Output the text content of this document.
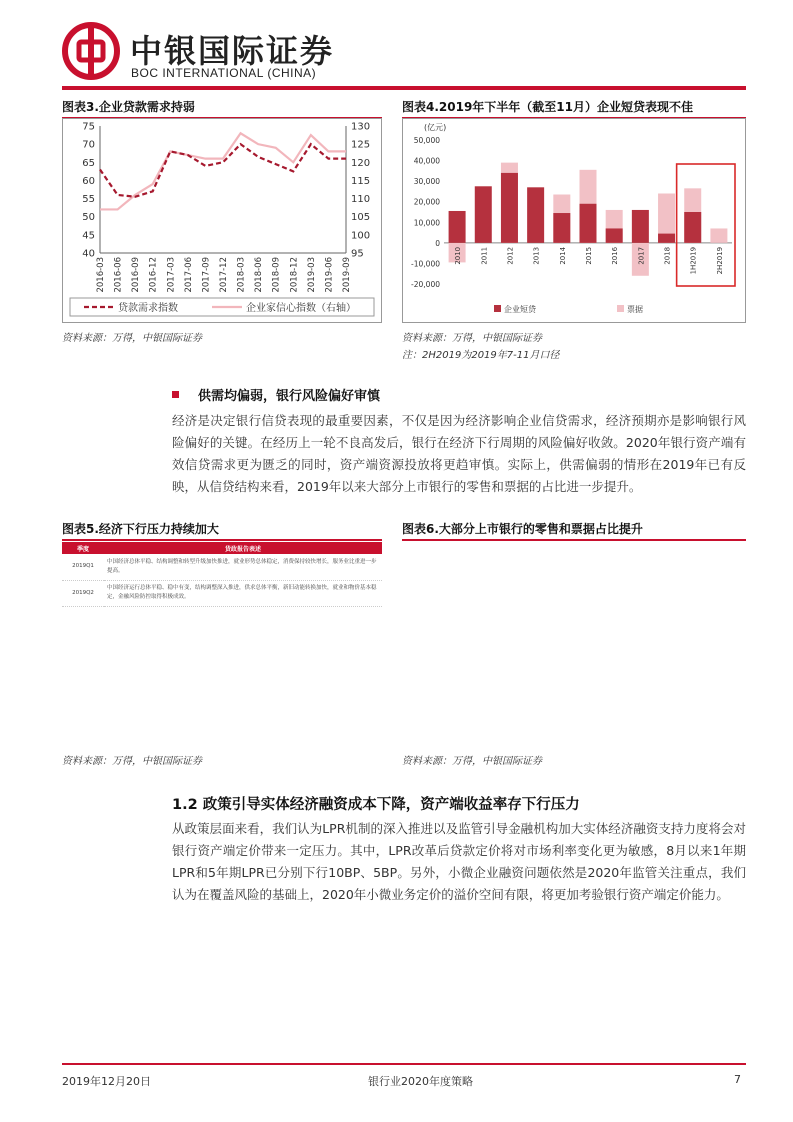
中银国际证券
BOC INTERNATIONAL (CHINA)
图表3.企业贷款需求持弱
40
45
50
55
60
65
70
75
95
100
105
110
115
120
125
130
2016-03 2016-06 2016-09 2016-12 2017-03 2017-06 2017-09 2017-12 2018-03 2018-06 2018-09 2018-12 2019-03 2019-06 2019-09
贷款需求指数	企业家信心指数（右轴）
资料来源：万得，中银国际证券
图表4.2019年下半年（截至11月）企业短贷表现不佳
(亿元)
-20,000
-10,000
0
10,000
20,000
30,000
40,000
50,000
2010	2011	2012	2013	2014	2015	2016	2017	2018	1H2019	2H2019
企业短贷	票据
资料来源：万得，中银国际证券
注：2H2019为2019年7-11月口径
供需均偏弱，银行风险偏好审慎
经济是决定银行信贷表现的最重要因素，不仅是因为经济影响企业信贷需求，经济预期亦是影响银行风险偏好的关键。在经历上一轮不良高发后，银行在经济下行周期的风险偏好收敛。2020年银行资产端有效信贷需求更为匮乏的同时，资产端资源投放将更趋审慎。实际上，供需偏弱的情形在2019年已有反映，从信贷结构来看，2019年以来大部分上市银行的零售和票据的占比进一步提升。
图表5.经济下行压力持续加大
季度	货政报告表述
2019Q1	中国经济总体平稳、结构调整和转型升级加快推进，就业形势总体稳定，消费保持较快增长，服务业比重进一步提高。
2019Q2	中国经济运行总体平稳、稳中有变，结构调整深入推进，供求总体平衡，新旧动能转换加快，就业和物价基本稳定，金融风险防控取得积极成效。
资料来源：万得，中银国际证券
图表6.大部分上市银行的零售和票据占比提升
资料来源：万得，中银国际证券
1.2 政策引导实体经济融资成本下降，资产端收益率存下行压力
从政策层面来看，我们认为LPR机制的深入推进以及监管引导金融机构加大实体经济融资支持力度将会对银行资产端定价带来一定压力。其中，LPR改革后贷款定价将对市场利率变化更为敏感，8月以来1年期LPR和5年期LPR已分别下行10BP、5BP。另外，小微企业融资问题依然是2020年监管关注重点，我们认为在覆盖风险的基础上，2020年小微业务定价的溢价空间有限，将更加考验银行资产端定价能力。
2019年12月20日	银行业2020年度策略	7
